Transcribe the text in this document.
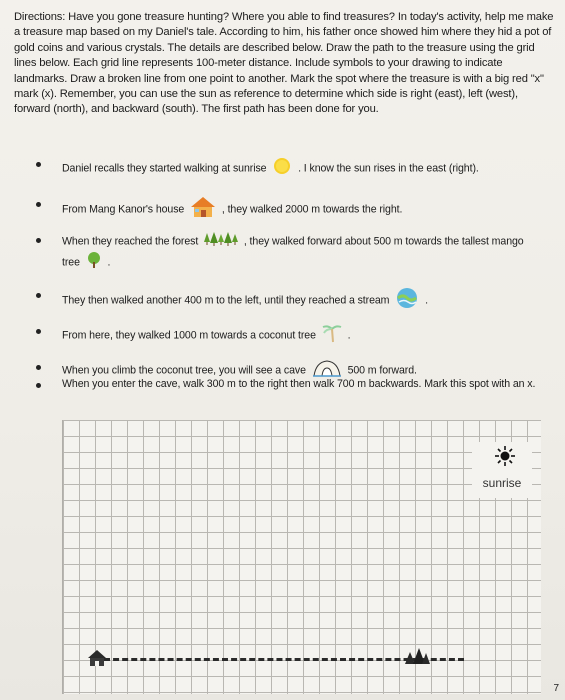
Directions: Have you gone treasure hunting? Where you able to find treasures? In today's activity, help me make a treasure map based on my Daniel's tale. According to him, his father once showed him where they hid a pot of gold coins and various crystals. The details are described below. Draw the path to the treasure using the grid lines below. Each grid line represents 100-meter distance. Include symbols to your drawing to indicate landmarks. Draw a broken line from one point to another. Mark the spot where the treasure is with a big red "x" mark (x). Remember, you can use the sun as reference to determine which side is right (east), left (west), forward (north), and backward (south). The first path has been done for you.

Daniel recalls they started walking at sunrise	. I know the sun rises in the east (right).
From Mang Kanor's house	, they walked 2000 m towards the right.
When they reached the forest	, they walked forward about 500 m towards the tallest mango tree	.
They then walked another 400 m to the left, until they reached a stream	.
From here, they walked 1000 m towards a coconut tree	.
When you climb the coconut tree, you will see a cave	500 m forward.
When you enter the cave, walk 300 m to the right then walk 700 m backwards. Mark this spot with an x.
sunrise
7
